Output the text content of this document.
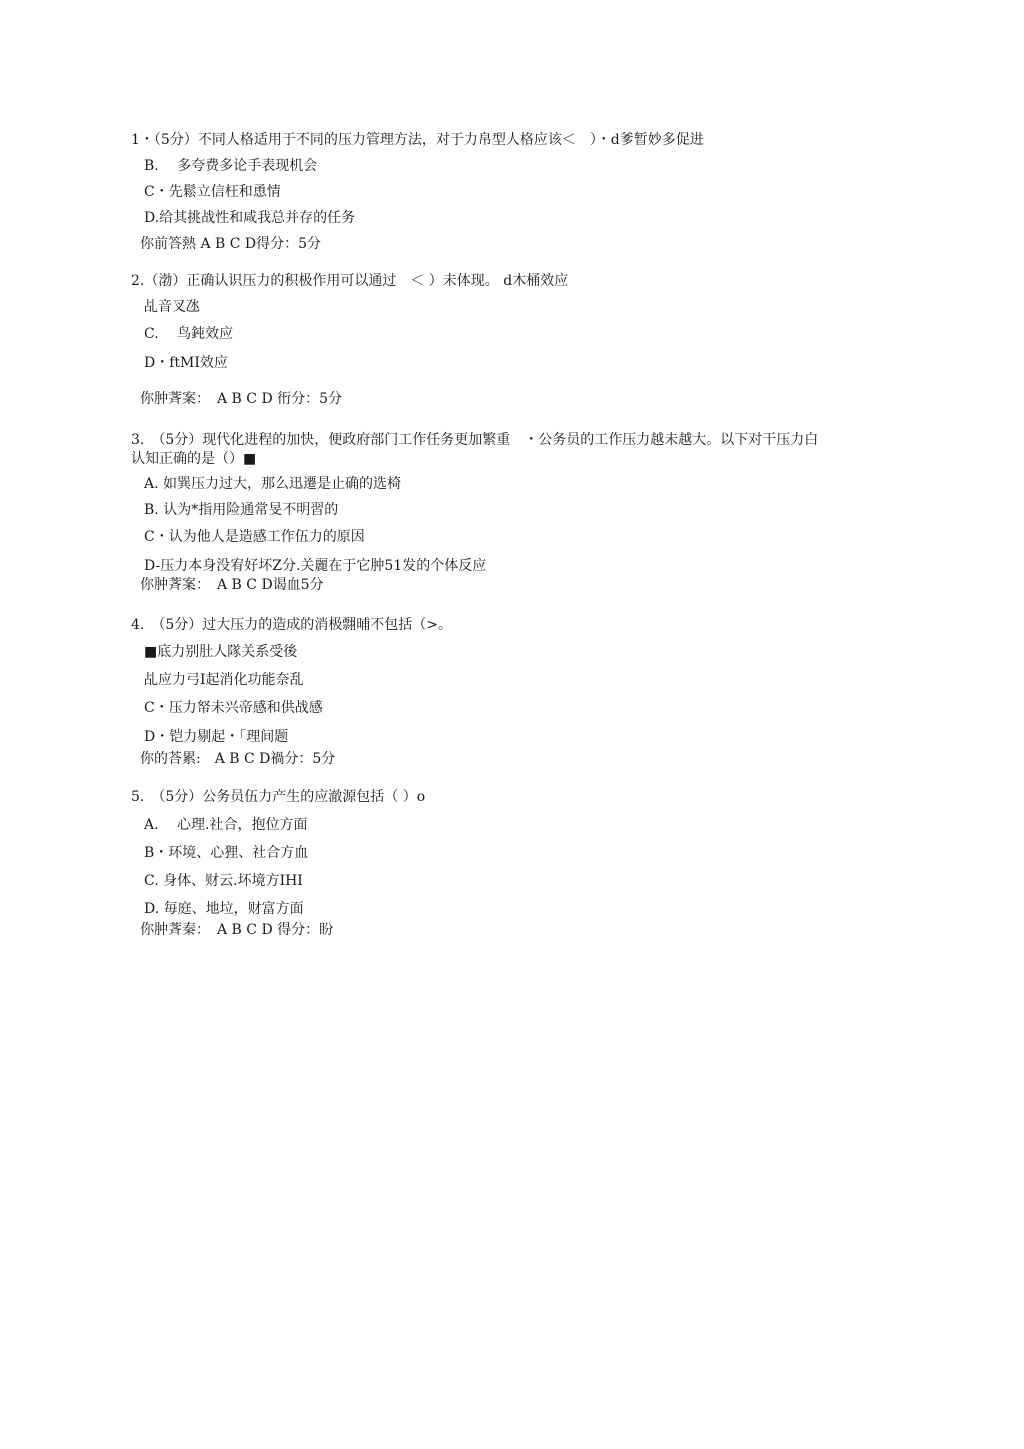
1・（5分）不同人格适用于不同的压力管理方法，对于力帛型人格应该＜　）・d爹暂妙多促进
B.　 多夸费多论手表现机会
C・先鬆立信枉和恿情
D.给其挑战性和咸我总并存的任务
你前答熱 A B C D得分：5分
2.（渤）正确认识压力的积极作用可以通过　＜ ）未体现。 d木桶效应
乩音叉氹
C.　 鸟鈍效应
D・ftMI效应
你肿萕案：　A B C D 衎分：5分
3.　（5分）现代化进程的加快，便政府部门工作任务更加繁重　・公务员的工作压力越未越大。以下对干压力白
认知正确的是（）■
A. 如巽压力过大，那么迅遷是止确的选椅
B. 认为*指用险通常旻不明習的
C・认为他人是造感工作伍力的原因
D-压力本身没宥好坏Z分.关麗在于它肿51发的个体反应
你肿萕案：　A B C D谒血5分
4.　（5分）过大压力的造成的消极翲晡不包括（>。
■底力别肚人隊关系受後
乩应力弓I起消化功能奈乱
C・压力帑未兴帝感和供战感
D・铠力剔起・「理间题
你的荅累:　A B C D禍分：5分
5.　（5分）公务员伍力产生的应澈源包括（ ）o
A.　 心理.社合，抱位方面
B・环境、心狸、社合方血
C. 身体、财云.坏境方IHI
D. 毎庭、地垃，财富方面
你肿萕秦：　A B C D 得分：盼
